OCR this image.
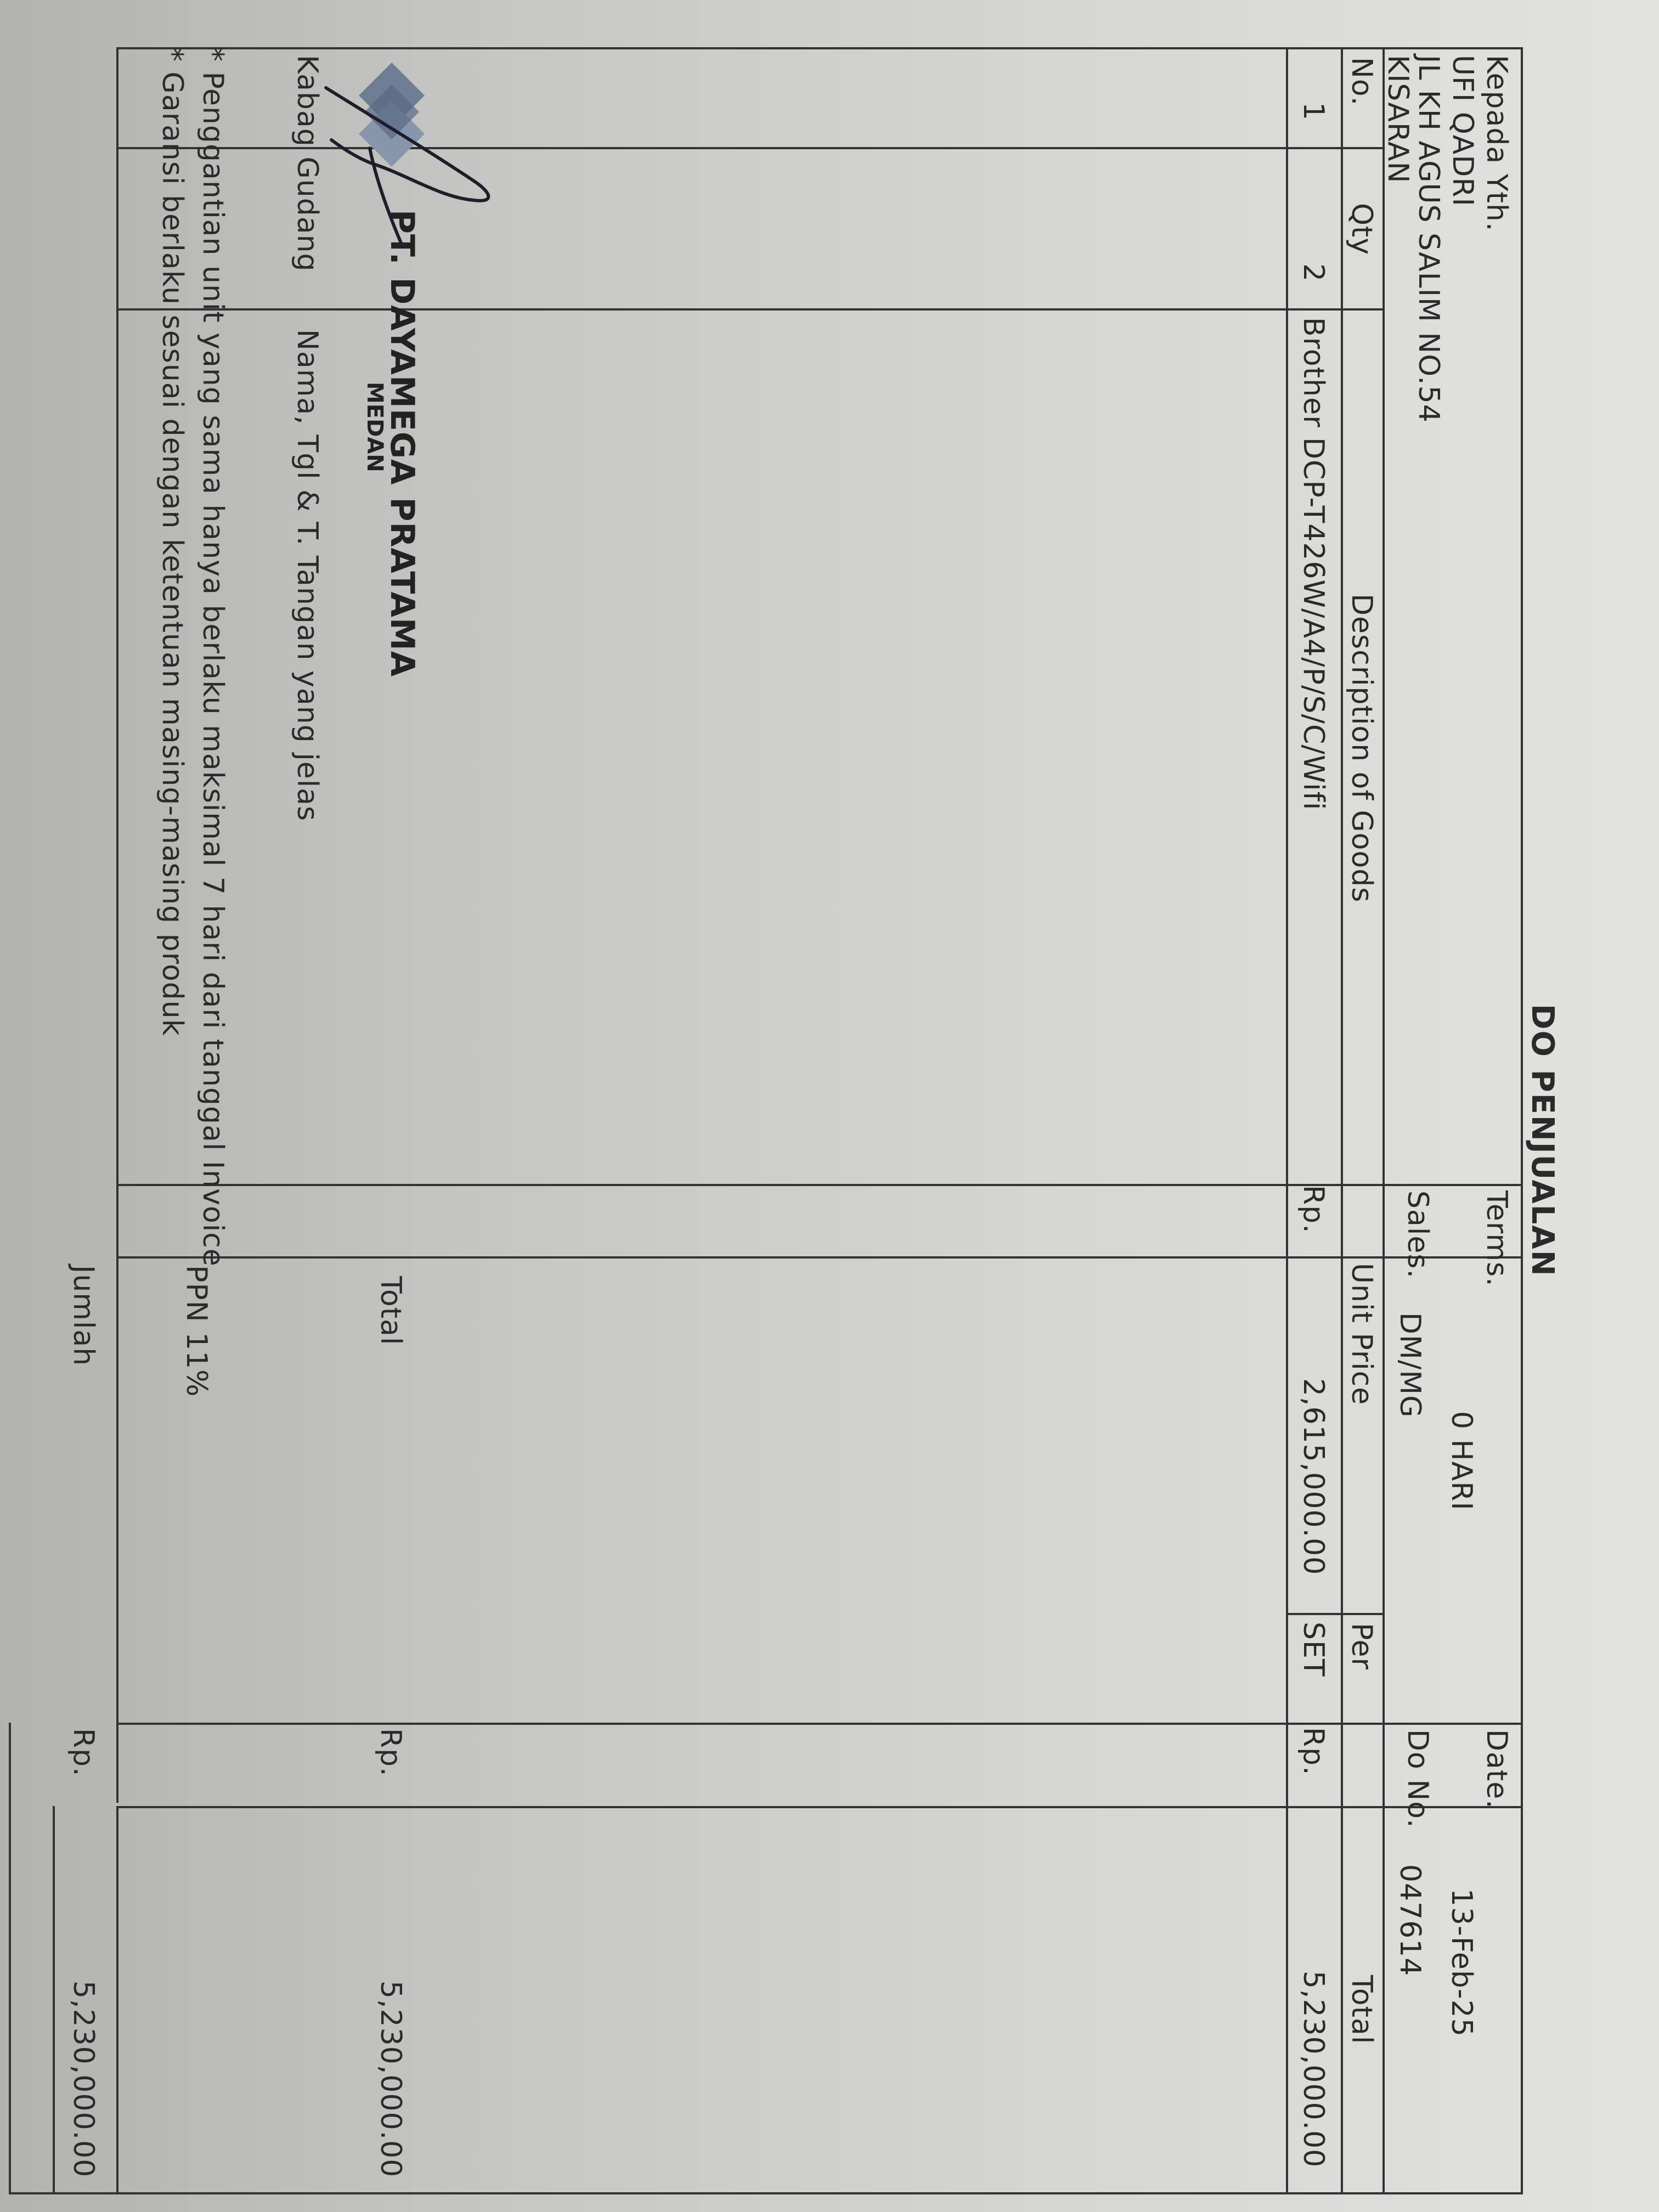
DO PENJUALAN
Kepada Yth.
UFI QADRI
JL KH AGUS SALIM NO.54
KISARAN
Terms.
0 HARI
Sales.
DM/MG
Date.
13-Feb-25
Do No.
047614
No.
Qty
Description of Goods
Unit Price
Per
Total
1
2
Brother DCP-T426W/A4/P/S/C/Wifi
Rp.
2,615,000.00
SET
Rp.
5,230,000.00
Jumlah
Rp.
5,230,000.00
PPN 11%	Total
Rp.
5,230,000.00
PT. DAYAMEGA PRATAMA
MEDAN
Kabag Gudang
Nama, Tgl & T. Tangan yang jelas
* Penggantian unit yang sama hanya berlaku maksimal 7 hari dari tanggal Invoice
* Garansi berlaku sesuai dengan ketentuan masing-masing produk
